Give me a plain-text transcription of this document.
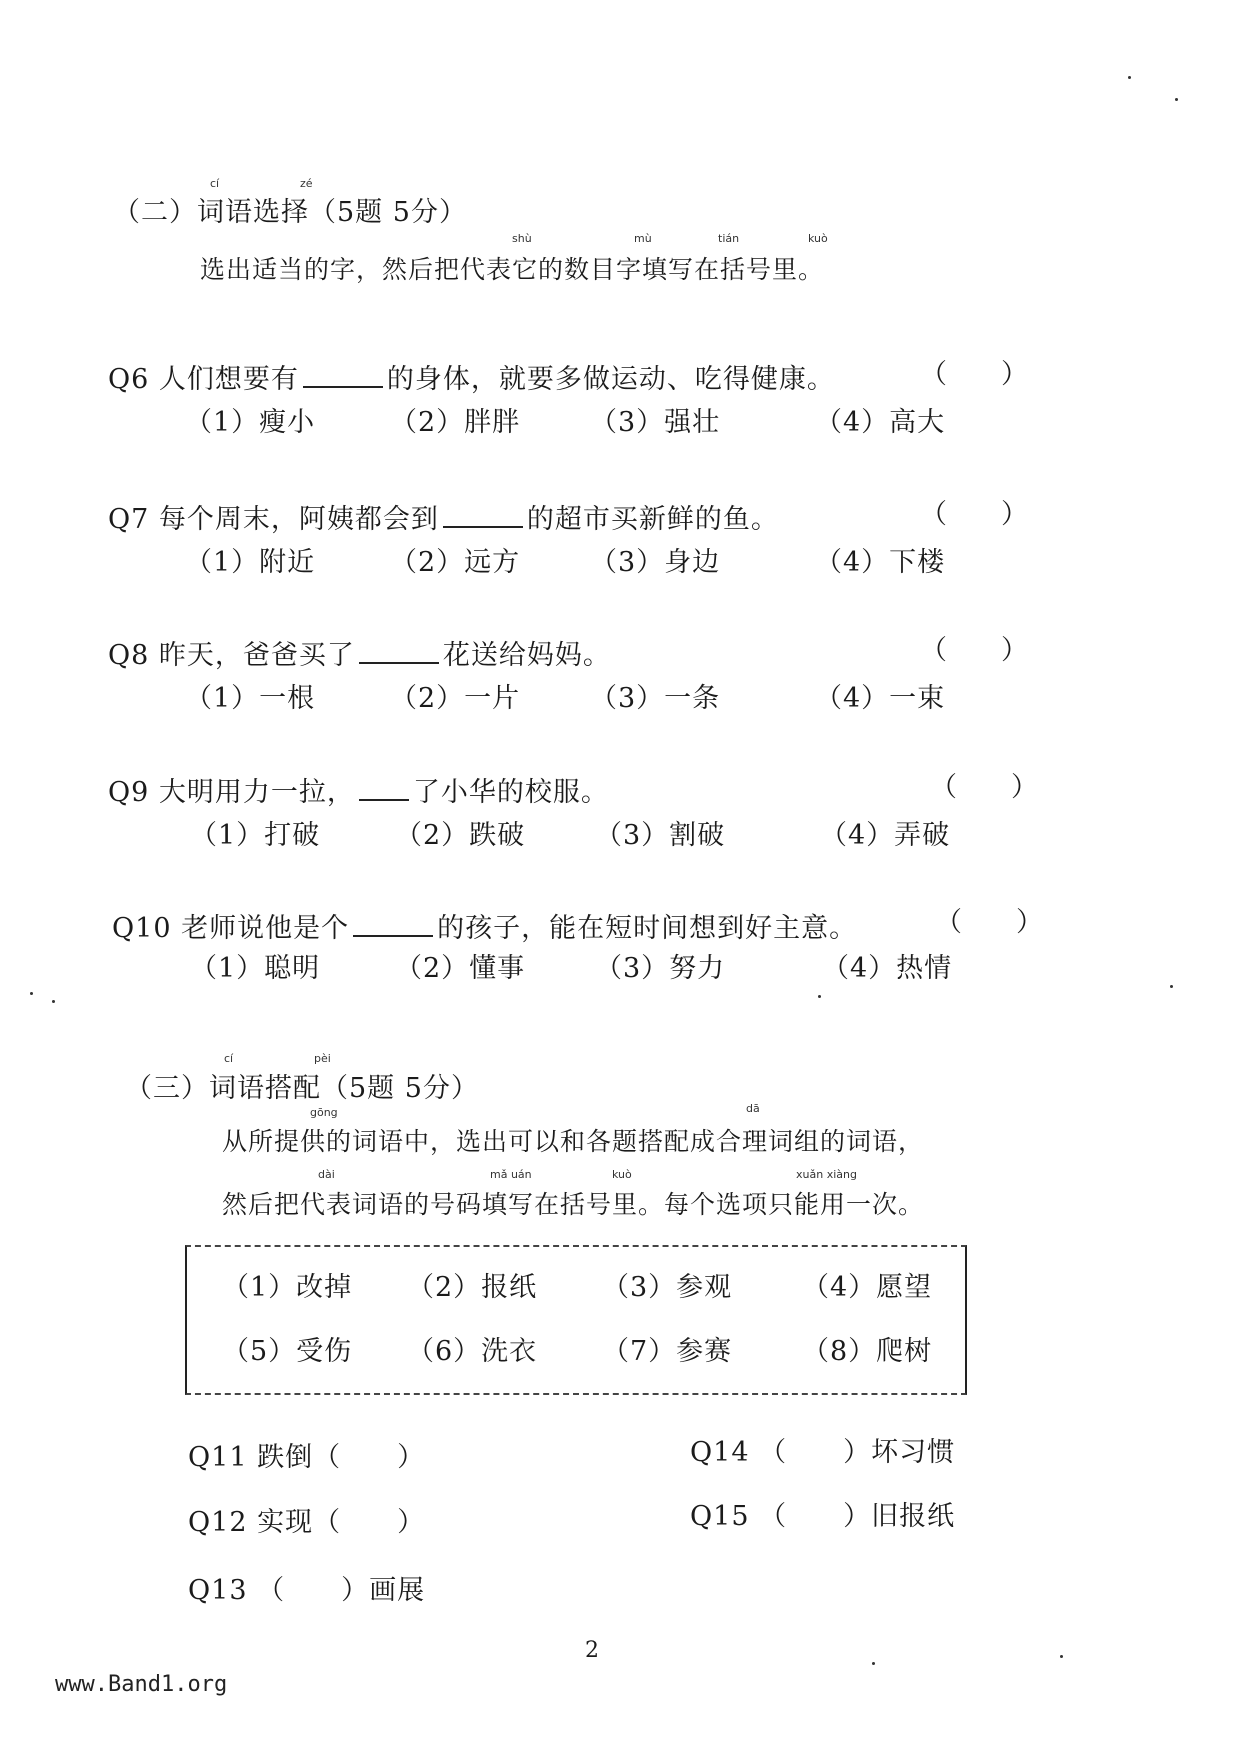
cí	zé
（二）词语选择（5题 5分）
shù	mù	tián	kuò
选出适当的字，然后把代表它的数目字填写在括号里。
Q6 人们想要有	的身体，就要多做运动、吃得健康。	（　　）
（1）瘦小	（2）胖胖	（3）强壮	（4）高大
Q7 每个周末，阿姨都会到	的超市买新鲜的鱼。	（　　）
（1）附近	（2）远方	（3）身边	（4）下楼
Q8 昨天，爸爸买了	花送给妈妈。	（　　）
（1）一根	（2）一片	（3）一条	（4）一束
Q9 大明用力一拉， 了小华的校服。	（　　）
（1）打破	（2）跌破	（3）割破	（4）弄破
Q10 老师说他是个	的孩子，能在短时间想到好主意。	（　　）
（1）聪明	（2）懂事	（3）努力	（4）热情
cí	pèi
（三）词语搭配（5题 5分）
gōng	dā
从所提供的词语中，选出可以和各题搭配成合理词组的词语，
dài	mǎ uán	kuò	xuǎn xiàng
然后把代表词语的号码填写在括号里。每个选项只能用一次。
（1）改掉 （2）报纸 （3）参观	（4）愿望
（5）受伤 （6）洗衣 （7）参赛	（8）爬树
Q11 跌倒（　　）
Q12 实现（　　）
Q13 （　　）画展
Q14 （　　）坏习惯
Q15 （　　）旧报纸
2
www.Band1.org
